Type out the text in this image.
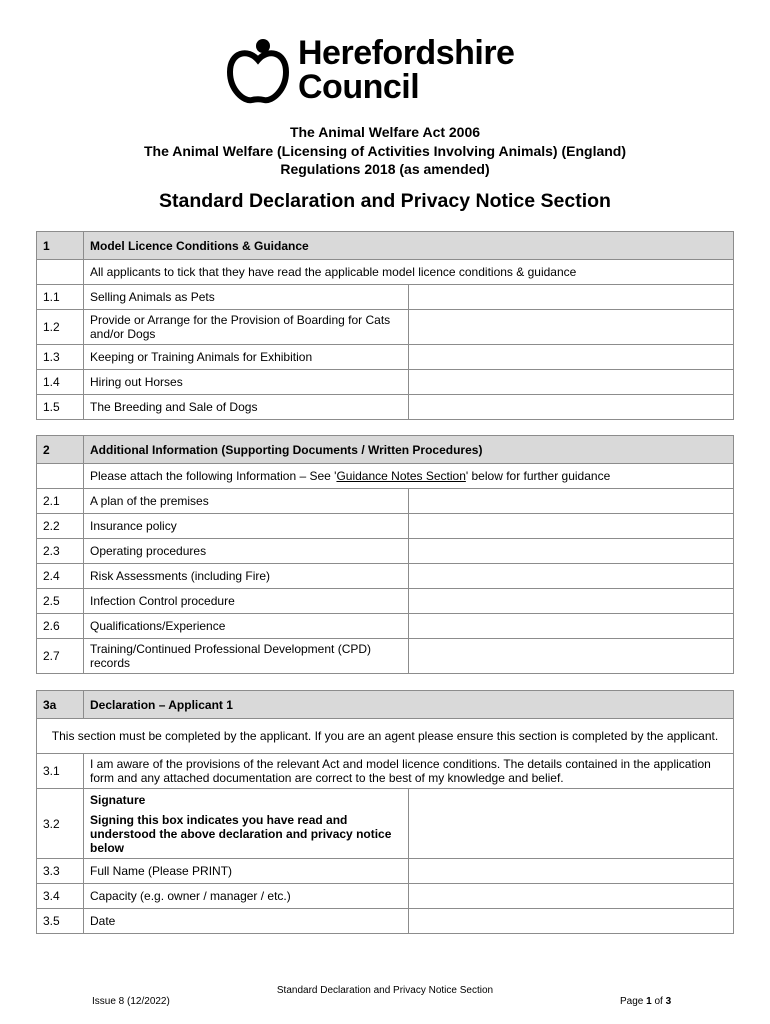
Herefordshire
Council
The Animal Welfare Act 2006
The Animal Welfare (Licensing of Activities Involving Animals) (England)
Regulations 2018 (as amended)
Standard Declaration and Privacy Notice Section
1	Model Licence Conditions & Guidance	
	All applicants to tick that they have read the applicable model licence conditions & guidance	
1.1	Selling Animals as Pets	
1.2	Provide or Arrange for the Provision of Boarding for Cats and/or Dogs	
1.3	Keeping or Training Animals for Exhibition	
1.4	Hiring out Horses	
1.5	The Breeding and Sale of Dogs	
2	Additional Information (Supporting Documents / Written Procedures)	
	Please attach the following Information – See 'Guidance Notes Section' below for further guidance	
2.1	A plan of the premises	
2.2	Insurance policy	
2.3	Operating procedures	
2.4	Risk Assessments (including Fire)	
2.5	Infection Control procedure	
2.6	Qualifications/Experience	
2.7	Training/Continued Professional Development (CPD) records	
3a	Declaration – Applicant 1	
This section must be completed by the applicant. If you are an agent please ensure this section is completed by the applicant.		
3.1	I am aware of the provisions of the relevant Act and model licence conditions. The details contained in the application form and any attached documentation are correct to the best of my knowledge and belief.	
3.2	Signature
Signing this box indicates you have read and understood the above declaration and privacy notice below	

3.3	Full Name (Please PRINT)	
3.4	Capacity (e.g. owner / manager / etc.)	
3.5	Date	
Standard Declaration and Privacy Notice Section
Issue 8 (12/2022)	Page 1 of 3
